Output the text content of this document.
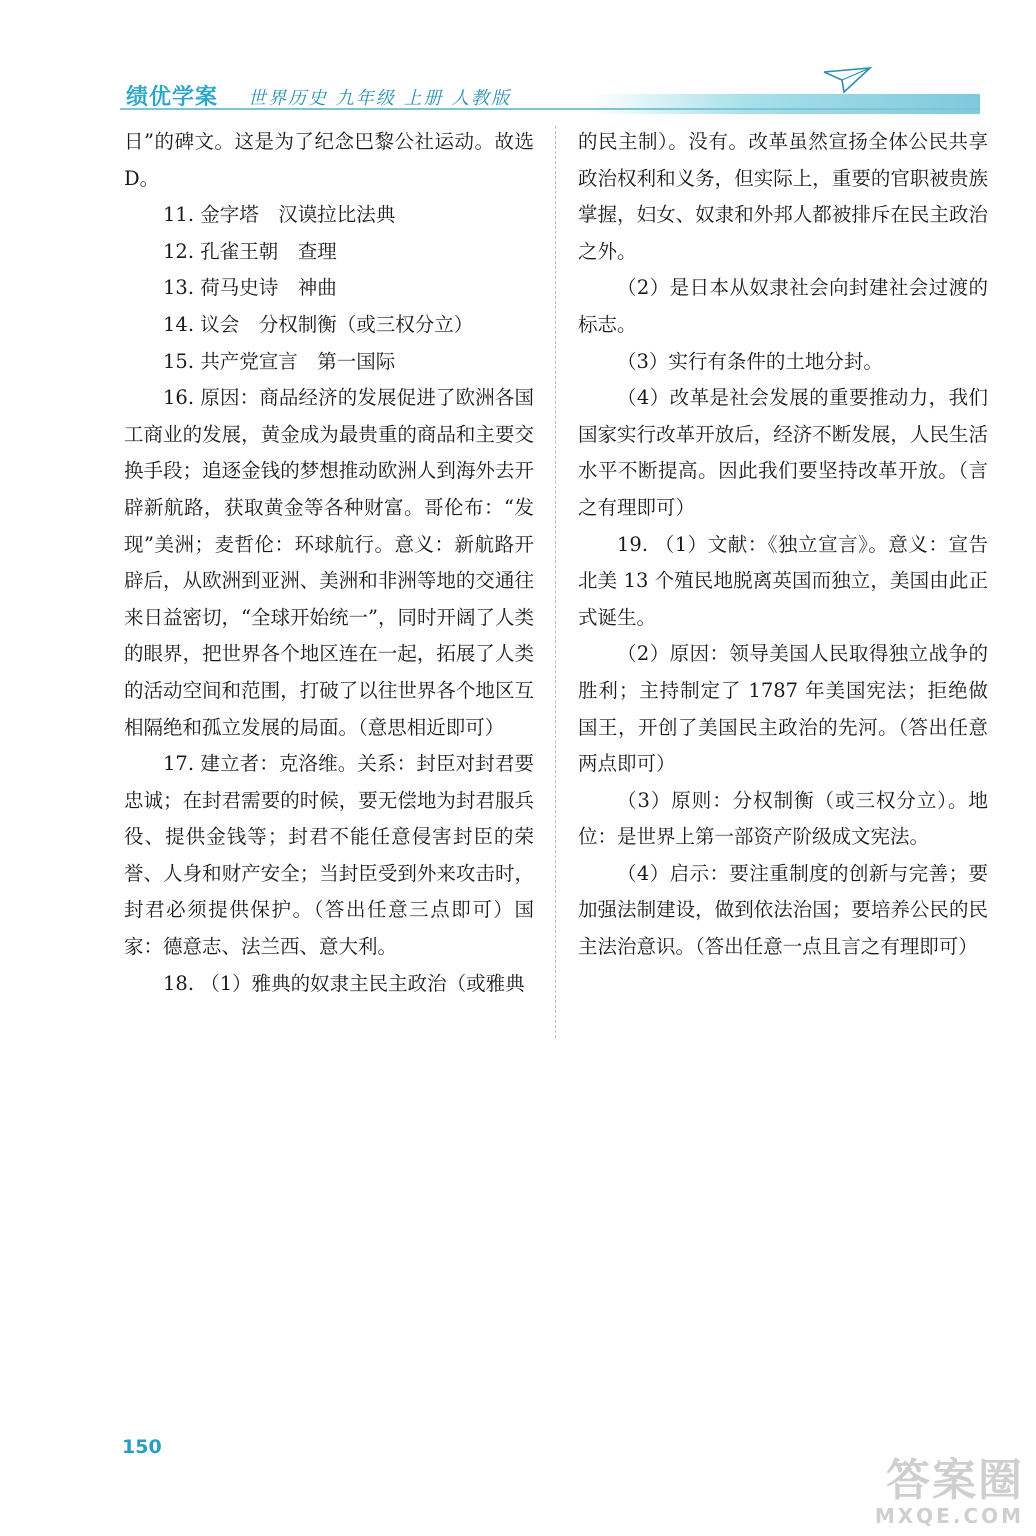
绩优学案 世界历史 九年级 上册 人教版

日”的碑文。这是为了纪念巴黎公社运动。故选 D。

11. 金字塔　汉谟拉比法典

12. 孔雀王朝　查理

13. 荷马史诗　神曲

14. 议会　分权制衡（或三权分立）

15. 共产党宣言　第一国际

16. 原因：商品经济的发展促进了欧洲各国工商业的发展，黄金成为最贵重的商品和主要交换手段；追逐金钱的梦想推动欧洲人到海外去开辟新航路，获取黄金等各种财富。哥伦布：“发现”美洲；麦哲伦：环球航行。意义：新航路开辟后，从欧洲到亚洲、美洲和非洲等地的交通往来日益密切，“全球开始统一”，同时开阔了人类的眼界，把世界各个地区连在一起，拓展了人类的活动空间和范围，打破了以往世界各个地区互相隔绝和孤立发展的局面。（意思相近即可）

17. 建立者：克洛维。关系：封臣对封君要忠诚；在封君需要的时候，要无偿地为封君服兵役、提供金钱等；封君不能任意侵害封臣的荣誉、人身和财产安全；当封臣受到外来攻击时，封君必须提供保护。（答出任意三点即可）国家：德意志、法兰西、意大利。

18. （1）雅典的奴隶主民主政治（或雅典

的民主制）。没有。改革虽然宣扬全体公民共享政治权利和义务，但实际上，重要的官职被贵族掌握，妇女、奴隶和外邦人都被排斥在民主政治之外。

（2）是日本从奴隶社会向封建社会过渡的标志。

（3）实行有条件的土地分封。

（4）改革是社会发展的重要推动力，我们国家实行改革开放后，经济不断发展，人民生活水平不断提高。因此我们要坚持改革开放。（言之有理即可）

19. （1）文献：《独立宣言》。意义：宣告北美 13 个殖民地脱离英国而独立，美国由此正式诞生。

（2）原因：领导美国人民取得独立战争的胜利；主持制定了 1787 年美国宪法；拒绝做国王，开创了美国民主政治的先河。（答出任意两点即可）

（3）原则：分权制衡（或三权分立）。地位：是世界上第一部资产阶级成文宪法。

（4）启示：要注重制度的创新与完善；要加强法制建设，做到依法治国；要培养公民的民主法治意识。（答出任意一点且言之有理即可）

150
答案圈
MXQE.COM
